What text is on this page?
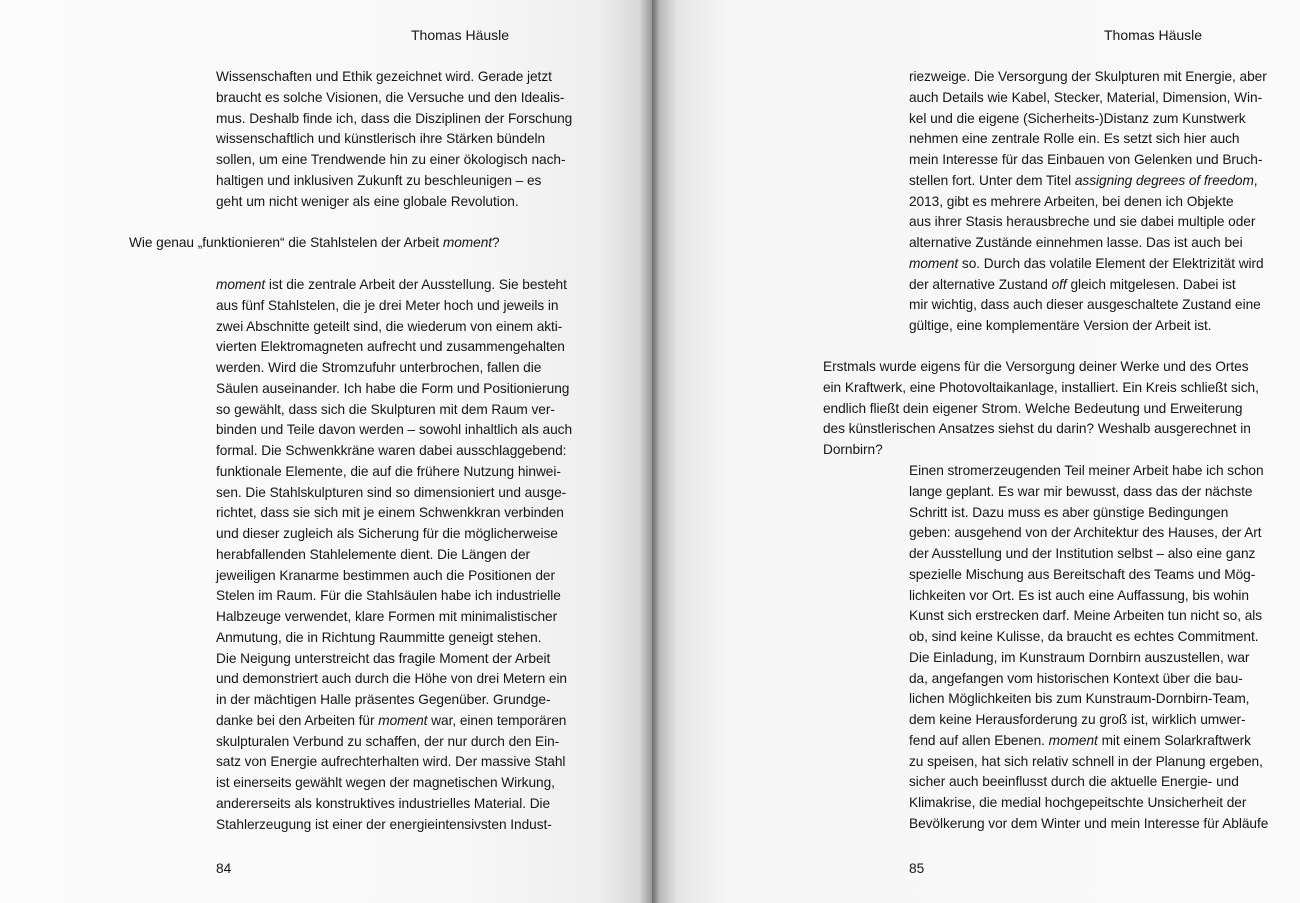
Thomas Häusle
Wissenschaften und Ethik gezeichnet wird. Gerade jetzt
braucht es solche Visionen, die Versuche und den Idealis-
mus. Deshalb finde ich, dass die Disziplinen der Forschung
wissenschaftlich und künstlerisch ihre Stärken bündeln
sollen, um eine Trendwende hin zu einer ökologisch nach-
haltigen und inklusiven Zukunft zu beschleunigen – es
geht um nicht weniger als eine globale Revolution.
Wie genau „funktionieren“ die Stahlstelen der Arbeit moment?
moment ist die zentrale Arbeit der Ausstellung. Sie besteht
aus fünf Stahlstelen, die je drei Meter hoch und jeweils in
zwei Abschnitte geteilt sind, die wiederum von einem akti-
vierten Elektromagneten aufrecht und zusammengehalten
werden. Wird die Stromzufuhr unterbrochen, fallen die
Säulen auseinander. Ich habe die Form und Positionierung
so gewählt, dass sich die Skulpturen mit dem Raum ver-
binden und Teile davon werden – sowohl inhaltlich als auch
formal. Die Schwenkkräne waren dabei ausschlaggebend:
funktionale Elemente, die auf die frühere Nutzung hinwei-
sen. Die Stahlskulpturen sind so dimensioniert und ausge-
richtet, dass sie sich mit je einem Schwenkkran verbinden
und dieser zugleich als Sicherung für die möglicherweise
herabfallenden Stahlelemente dient. Die Längen der
jeweiligen Kranarme bestimmen auch die Positionen der
Stelen im Raum. Für die Stahlsäulen habe ich industrielle
Halbzeuge verwendet, klare Formen mit minimalistischer
Anmutung, die in Richtung Raummitte geneigt stehen.
Die Neigung unterstreicht das fragile Moment der Arbeit
und demonstriert auch durch die Höhe von drei Metern ein
in der mächtigen Halle präsentes Gegenüber. Grundge-
danke bei den Arbeiten für moment war, einen temporären
skulpturalen Verbund zu schaffen, der nur durch den Ein-
satz von Energie aufrechterhalten wird. Der massive Stahl
ist einerseits gewählt wegen der magnetischen Wirkung,
andererseits als konstruktives industrielles Material. Die
Stahlerzeugung ist einer der energieintensivsten Indust-
84
Thomas Häusle
riezweige. Die Versorgung der Skulpturen mit Energie, aber
auch Details wie Kabel, Stecker, Material, Dimension, Win-
kel und die eigene (Sicherheits-)Distanz zum Kunstwerk
nehmen eine zentrale Rolle ein. Es setzt sich hier auch
mein Interesse für das Einbauen von Gelenken und Bruch-
stellen fort. Unter dem Titel assigning degrees of freedom,
2013, gibt es mehrere Arbeiten, bei denen ich Objekte
aus ihrer Stasis herausbreche und sie dabei multiple oder
alternative Zustände einnehmen lasse. Das ist auch bei
moment so. Durch das volatile Element der Elektrizität wird
der alternative Zustand off gleich mitgelesen. Dabei ist
mir wichtig, dass auch dieser ausgeschaltete Zustand eine
gültige, eine komplementäre Version der Arbeit ist.
Erstmals wurde eigens für die Versorgung deiner Werke und des Ortes
ein Kraftwerk, eine Photovoltaikanlage, installiert. Ein Kreis schließt sich,
endlich fließt dein eigener Strom. Welche Bedeutung und Erweiterung
des künstlerischen Ansatzes siehst du darin? Weshalb ausgerechnet in
Dornbirn?
Einen stromerzeugenden Teil meiner Arbeit habe ich schon
lange geplant. Es war mir bewusst, dass das der nächste
Schritt ist. Dazu muss es aber günstige Bedingungen
geben: ausgehend von der Architektur des Hauses, der Art
der Ausstellung und der Institution selbst – also eine ganz
spezielle Mischung aus Bereitschaft des Teams und Mög-
lichkeiten vor Ort. Es ist auch eine Auffassung, bis wohin
Kunst sich erstrecken darf. Meine Arbeiten tun nicht so, als
ob, sind keine Kulisse, da braucht es echtes Commitment.
Die Einladung, im Kunstraum Dornbirn auszustellen, war
da, angefangen vom historischen Kontext über die bau-
lichen Möglichkeiten bis zum Kunstraum-Dornbirn-Team,
dem keine Herausforderung zu groß ist, wirklich umwer-
fend auf allen Ebenen. moment mit einem Solarkraftwerk
zu speisen, hat sich relativ schnell in der Planung ergeben,
sicher auch beeinflusst durch die aktuelle Energie- und
Klimakrise, die medial hochgepeitschte Unsicherheit der
Bevölkerung vor dem Winter und mein Interesse für Abläufe
85
